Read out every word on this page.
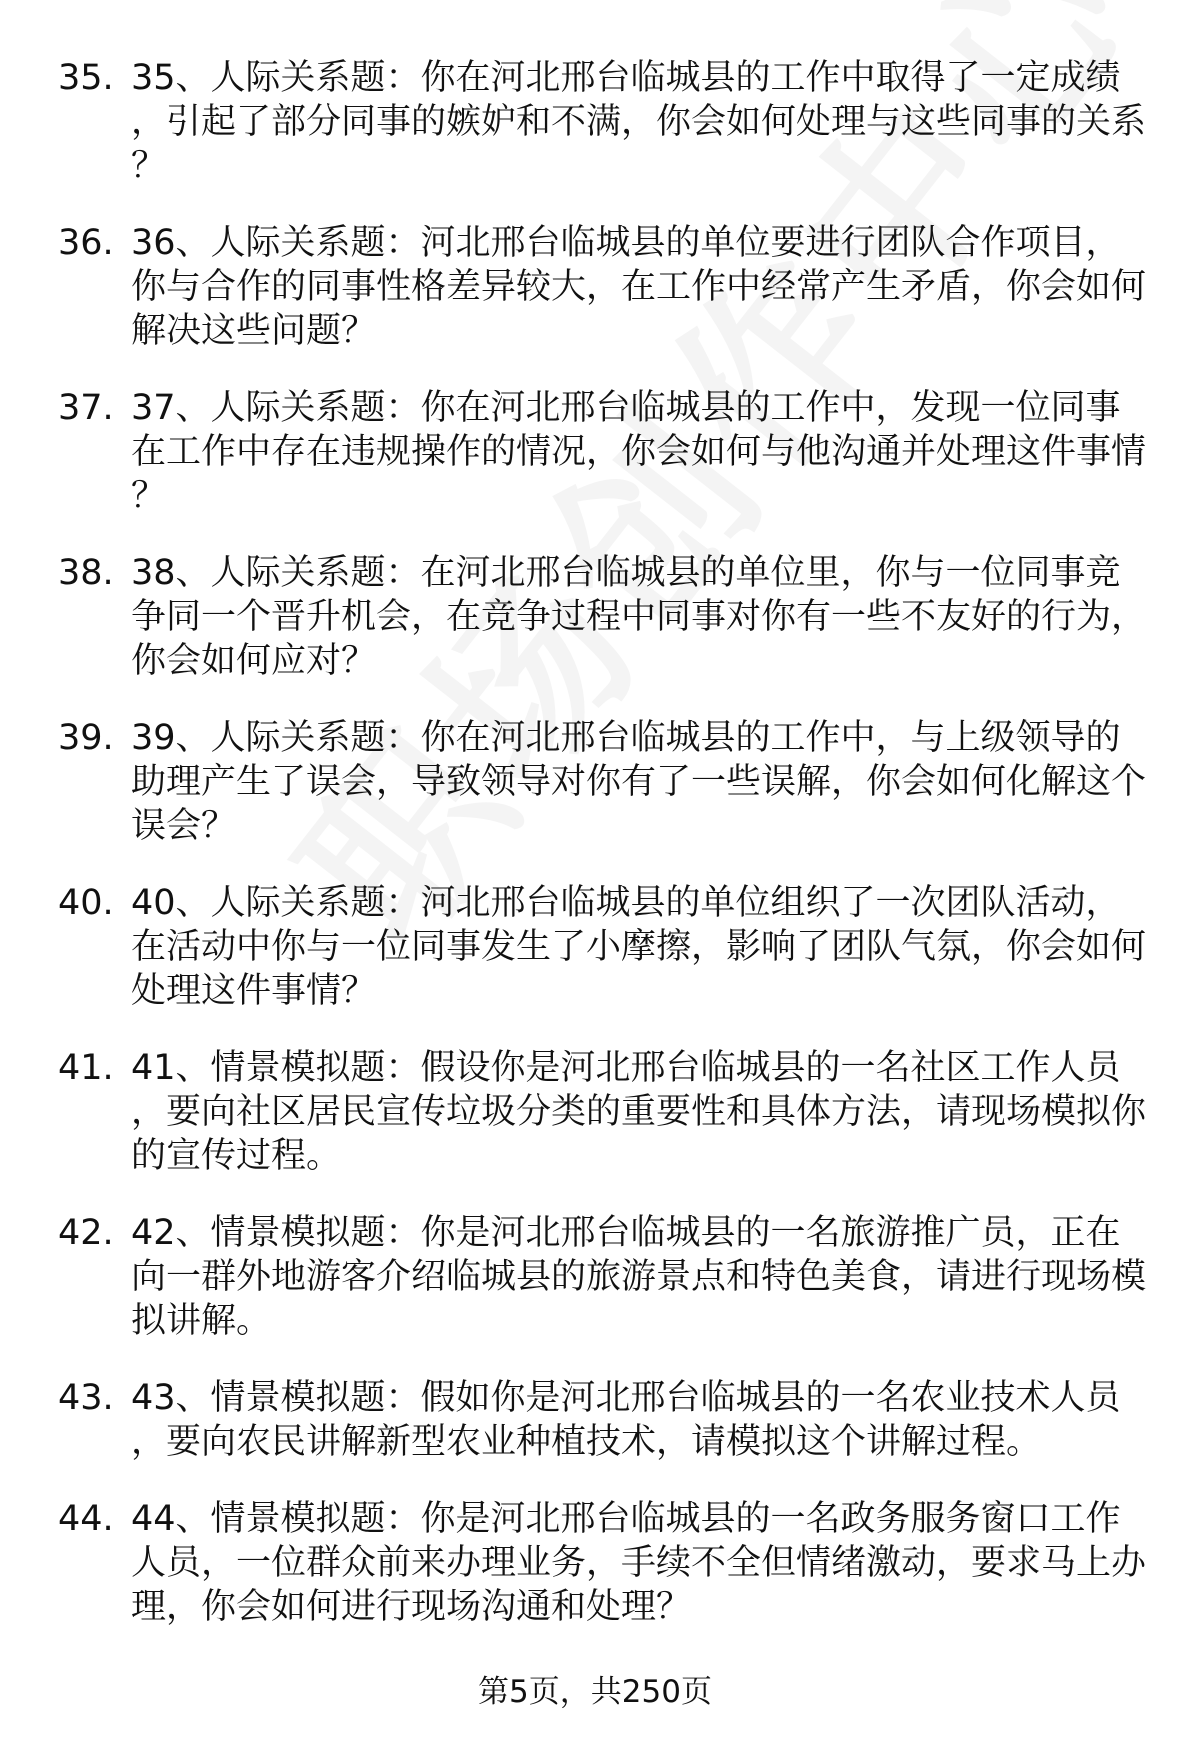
35. 35、人际关系题：你在河北邢台临城县的工作中取得了一定成绩，引起了部分同事的嫉妒和不满，你会如何处理与这些同事的关系？
36. 36、人际关系题：河北邢台临城县的单位要进行团队合作项目，你与合作的同事性格差异较大，在工作中经常产生矛盾，你会如何解决这些问题？
37. 37、人际关系题：你在河北邢台临城县的工作中，发现一位同事在工作中存在违规操作的情况，你会如何与他沟通并处理这件事情？
38. 38、人际关系题：在河北邢台临城县的单位里，你与一位同事竞争同一个晋升机会，在竞争过程中同事对你有一些不友好的行为，你会如何应对？
39. 39、人际关系题：你在河北邢台临城县的工作中，与上级领导的助理产生了误会，导致领导对你有了一些误解，你会如何化解这个误会？
40. 40、人际关系题：河北邢台临城县的单位组织了一次团队活动，在活动中你与一位同事发生了小摩擦，影响了团队气氛，你会如何处理这件事情？
41. 41、情景模拟题：假设你是河北邢台临城县的一名社区工作人员，要向社区居民宣传垃圾分类的重要性和具体方法，请现场模拟你的宣传过程。
42. 42、情景模拟题：你是河北邢台临城县的一名旅游推广员，正在向一群外地游客介绍临城县的旅游景点和特色美食，请进行现场模拟讲解。
43. 43、情景模拟题：假如你是河北邢台临城县的一名农业技术人员，要向农民讲解新型农业种植技术，请模拟这个讲解过程。
44. 44、情景模拟题：你是河北邢台临城县的一名政务服务窗口工作人员，一位群众前来办理业务，手续不全但情绪激动，要求马上办理，你会如何进行现场沟通和处理？
第5页，共250页
